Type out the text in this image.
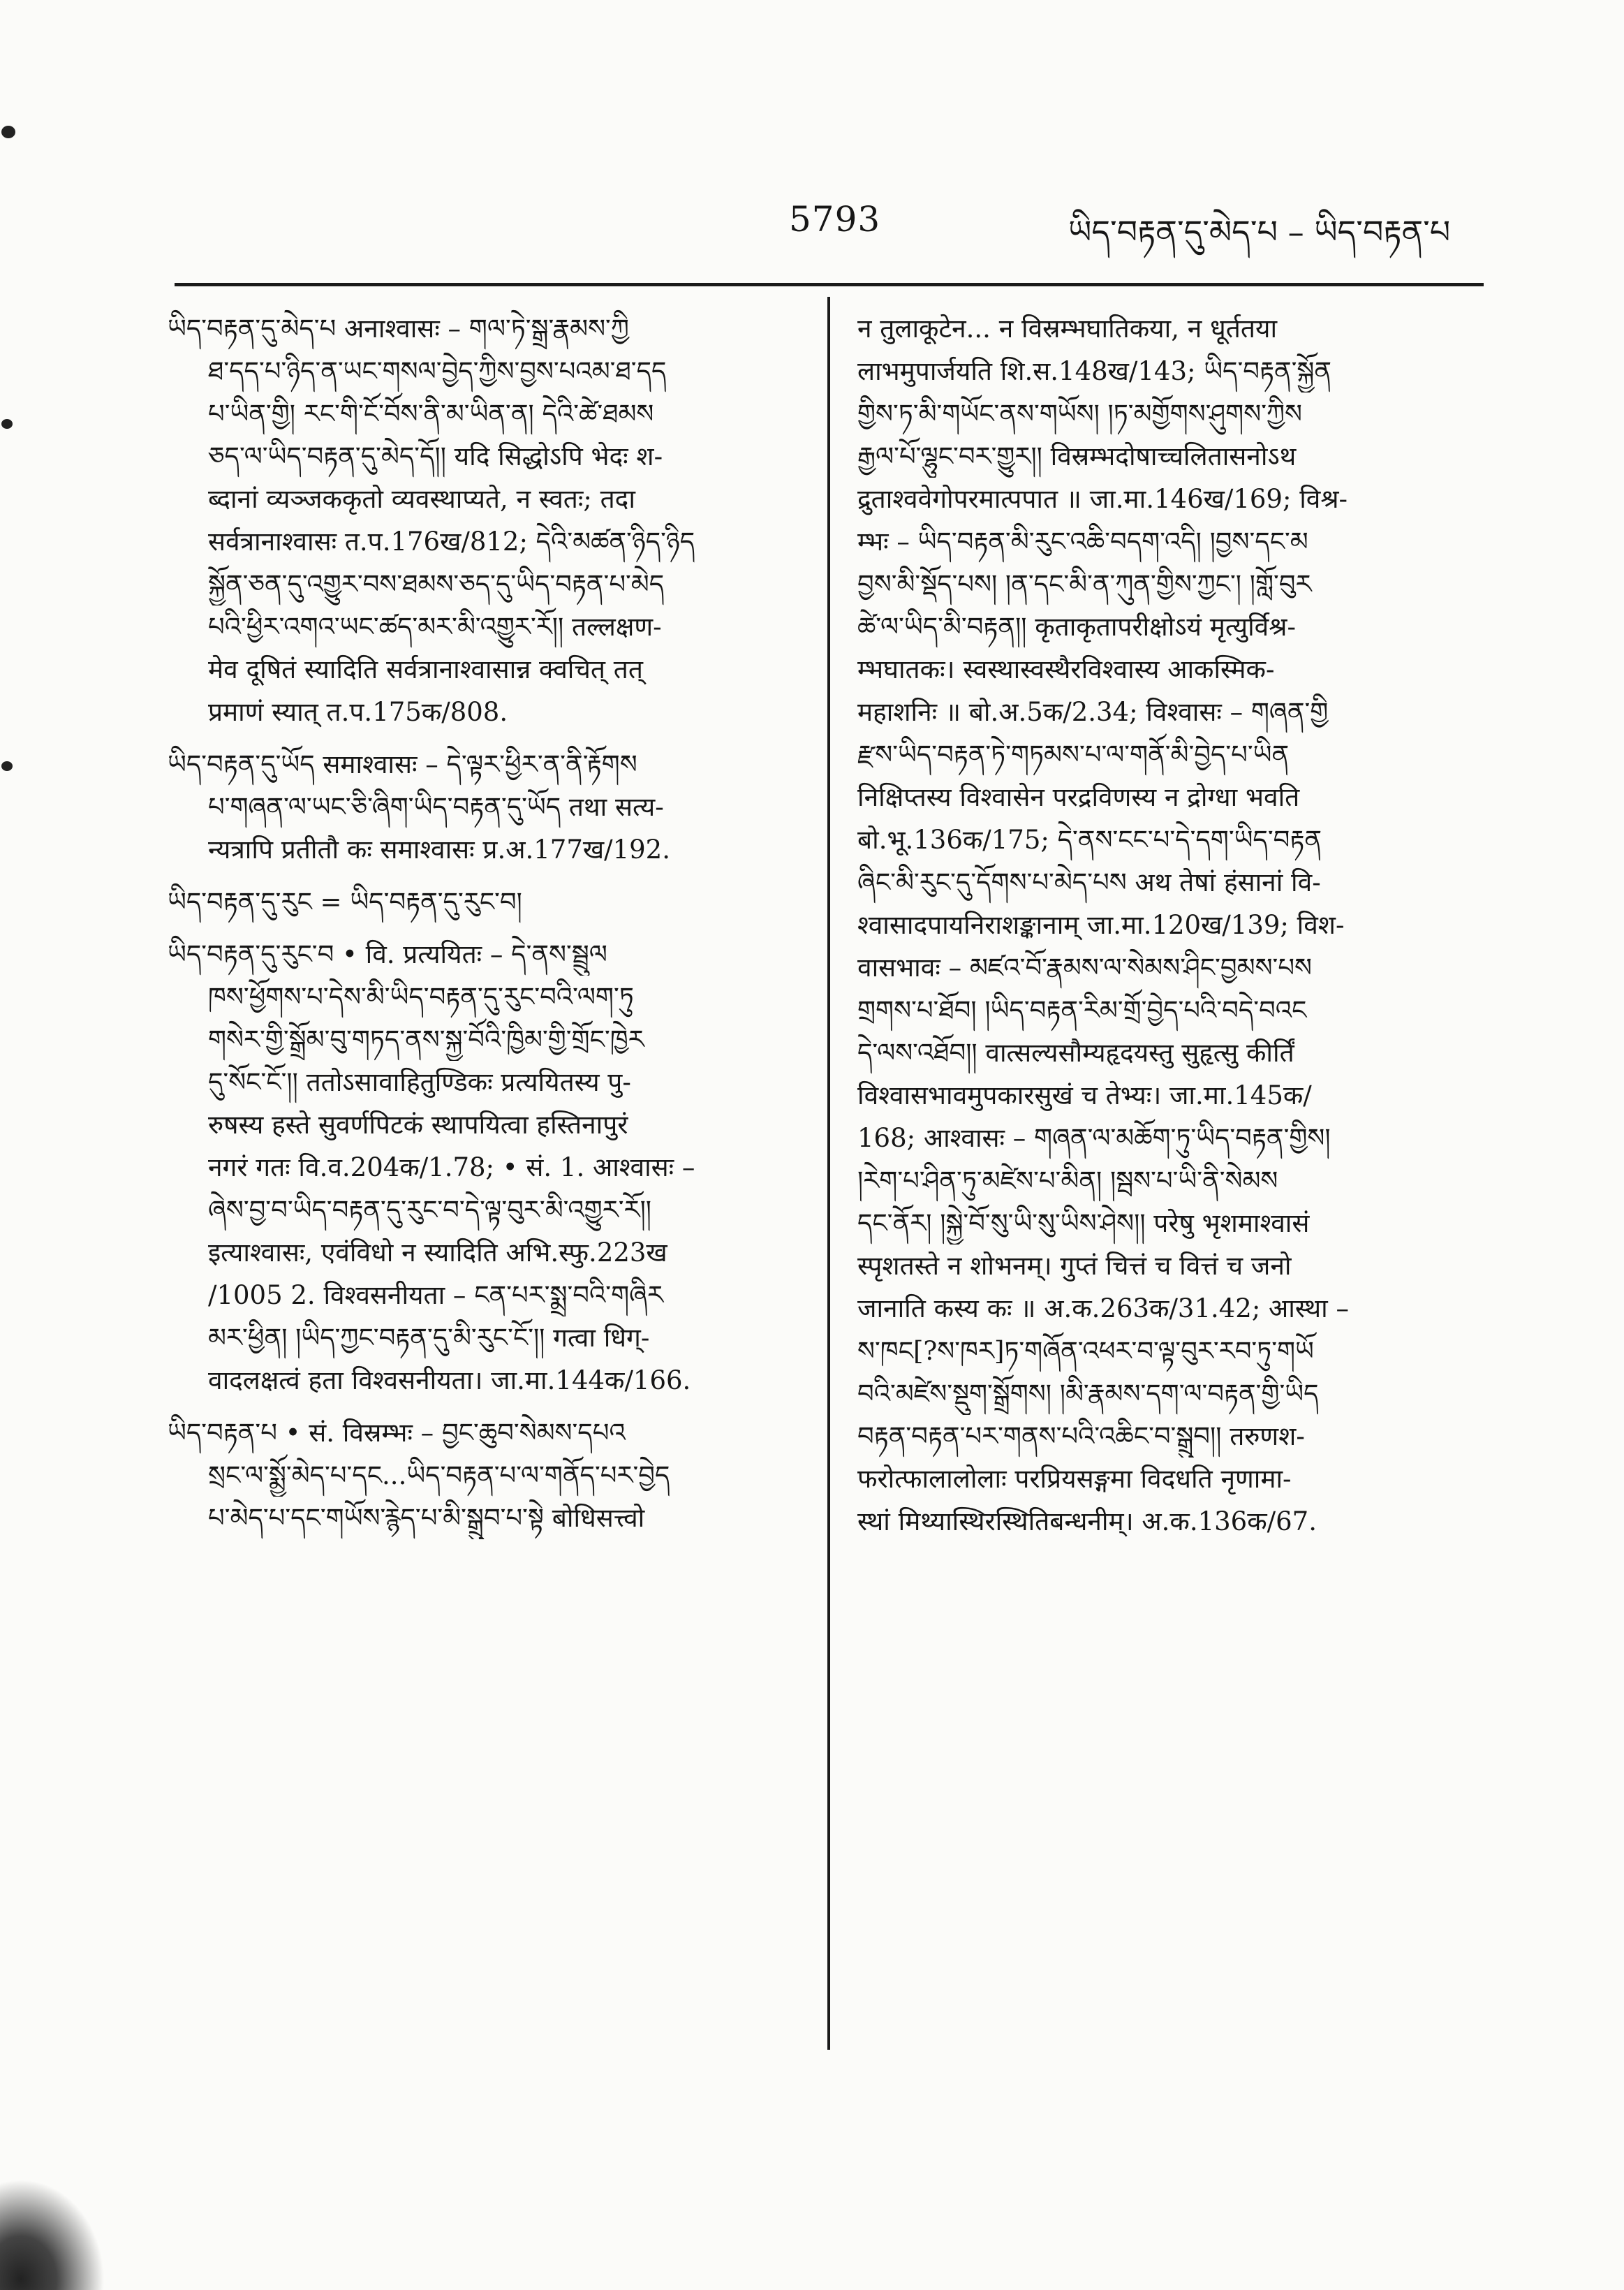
5793	ཡིད་བརྟན་དུ་མེད་པ – ཡིད་བརྟན་པ
ཡིད་བརྟན་དུ་མེད་པ अनाश्वासः – གལ་ཏེ་སྒྲ་རྣམས་ཀྱི
ཐ་དད་པ་ཉིད་ན་ཡང་གསལ་བྱེད་ཀྱིས་བྱས་པའམ་ཐ་དད
པ་ཡིན་གྱི། རང་གི་ངོ་བོས་ནི་མ་ཡིན་ན། དེའི་ཚེ་ཐམས
ཅད་ལ་ཡིད་བརྟན་དུ་མེད་དོ།། यदि सिद्धोऽपि भेदः श-
ब्दानां व्यञ्जककृतो व्यवस्थाप्यते, न स्वतः; तदा
सर्वत्रानाश्वासः त.प.176ख/812; དེའི་མཚན་ཉིད་ཉིད
སྐྱོན་ཅན་དུ་འགྱུར་བས་ཐམས་ཅད་དུ་ཡིད་བརྟན་པ་མེད
པའི་ཕྱིར་འགའ་ཡང་ཚད་མར་མི་འགྱུར་རོ།། तल्लक्षण-
मेव दूषितं स्यादिति सर्वत्रानाश्वासान्न क्वचित् तत्
प्रमाणं स्यात् त.प.175क/808.
ཡིད་བརྟན་དུ་ཡོད समाश्वासः – དེ་ལྟར་ཕྱིར་ན་ནི་རྟོགས
པ་གཞན་ལ་ཡང་ཅི་ཞིག་ཡིད་བརྟན་དུ་ཡོད तथा सत्य-
न्यत्रापि प्रतीतौ कः समाश्वासः प्र.अ.177ख/192.
ཡིད་བརྟན་དུ་རུང = ཡིད་བརྟན་དུ་རུང་བ།
ཡིད་བརྟན་དུ་རུང་བ • वि. प्रत्ययितः – དེ་ནས་སྦྲུལ
ཁས་ཕྱོགས་པ་དེས་མི་ཡིད་བརྟན་དུ་རུང་བའི་ལག་ཏུ
གསེར་གྱི་སྒྲོམ་བུ་གཏད་ནས་སྐྱ་བོའི་ཁྱིམ་གྱི་གྲོང་ཁྱེར
དུ་སོང་ངོ་།། ततोऽसावाहितुण्डिकः प्रत्ययितस्य पु-
रुषस्य हस्ते सुवर्णपिटकं स्थापयित्वा हस्तिनापुरं
नगरं गतः वि.व.204क/1.78; • सं. 1. आश्वासः –
ཞེས་བྱ་བ་ཡིད་བརྟན་དུ་རུང་བ་དེ་ལྟ་བུར་མི་འགྱུར་རོ།།
इत्याश्वासः, एवंविधो न स्यादिति अभि.स्फु.223ख
/1005 2. विश्वसनीयता – ངན་པར་སྨྲ་བའི་གཞིར
མར་ཕྱིན། །ཡིད་ཀྱང་བརྟན་དུ་མི་རུང་ངོ་།། गत्वा धिग्-
वादलक्षत्वं हता विश्वसनीयता। जा.मा.144क/166.
ཡིད་བརྟན་པ • सं. विस्रम्भः – བྱང་ཆུབ་སེམས་དཔའ
སྲང་ལ་སྨྱོ་མེད་པ་དང...ཡིད་བརྟན་པ་ལ་གནོད་པར་བྱེད
པ་མེད་པ་དང་གཡོས་རྙེད་པ་མི་སྒྲུབ་པ་སྟེ बोधिसत्त्वो
न तुलाकूटेन... न विस्रम्भघातिकया, न धूर्ततया
लाभमुपार्जयति शि.स.148ख/143; ཡིད་བརྟན་སྐྱོན
གྱིས་ཏ་མི་གཡོང་ནས་གཡོས། །ཏ་མགྱོགས་ཤུགས་ཀྱིས
རྒྱལ་པོ་ལྷུང་བར་གྱུར།། विस्रम्भदोषाच्चलितासनोऽथ
द्रुताश्ववेगोपरमात्पपात ॥ जा.मा.146ख/169; विश्र-
म्भः – ཡིད་བརྟན་མི་རུང་འཆི་བདག་འདི། །བྱས་དང་མ
བྱས་མི་སྡོད་པས། །ན་དང་མི་ན་ཀུན་གྱིས་ཀྱང་། །གློ་བུར
ཚེ་ལ་ཡིད་མི་བརྟན།། कृताकृतापरीक्षोऽयं मृत्युर्विश्र-
म्भघातकः। स्वस्थास्वस्थैरविश्वास्य आकस्मिक-
महाशनिः ॥ बो.अ.5क/2.34; विश्वासः – གཞན་གྱི
རྫས་ཡིད་བརྟན་ཏེ་གཏམས་པ་ལ་གནོ་མི་བྱེད་པ་ཡིན
निक्षिप्तस्य विश्वासेन परद्रविणस्य न द्रोग्धा भवति
बो.भू.136क/175; དེ་ནས་ངང་པ་དེ་དག་ཡིད་བརྟན
ཞིང་མི་རུང་དུ་དོགས་པ་མེད་པས अथ तेषां हंसानां वि-
श्वासादपायनिराशङ्कानाम् जा.मा.120ख/139; विश-
वासभावः – མཛའ་བོ་རྣམས་ལ་སེམས་ཤིང་བྱམས་པས
གྲགས་པ་ཐོབ། །ཡིད་བརྟན་རིམ་གྲོ་བྱེད་པའི་བདེ་བའང
དེ་ལས་འཐོབ།། वात्सल्यसौम्यहृदयस्तु सुहृत्सु कीर्तिं
विश्वासभावमुपकारसुखं च तेभ्यः। जा.मा.145क/
168; आश्वासः – གཞན་ལ་མཆོག་ཏུ་ཡིད་བརྟན་གྱིས།
།རེག་པ་ཤིན་ཏུ་མཛེས་པ་མིན། །སྦས་པ་ཡི་ནི་སེམས
དང་ནོར། །སྐྱེ་བོ་སུ་ཡི་སུ་ཡིས་ཤེས།། परेषु भृशमाश्वासं
स्पृशतस्ते न शोभनम्। गुप्तं चित्तं च वित्तं च जनो
जानाति कस्य कः ॥ अ.क.263क/31.42; आस्था –
ས་ཁང[?ས་ཁར]ཏ་གཞོན་འཕར་བ་ལྟ་བུར་རབ་ཏུ་གཡོ
བའི་མཛེས་སྡུག་སྒྲོགས། །མི་རྣམས་དག་ལ་བརྟན་གྱི་ཡིད
བརྟན་བརྟན་པར་གནས་པའི་འཆིང་བ་སྒྲུབ།། तरुणश-
फरोत्फालालोलाः परप्रियसङ्गमा विदधति नृणामा-
स्थां मिथ्यास्थिरस्थितिबन्धनीम्। अ.क.136क/67.
